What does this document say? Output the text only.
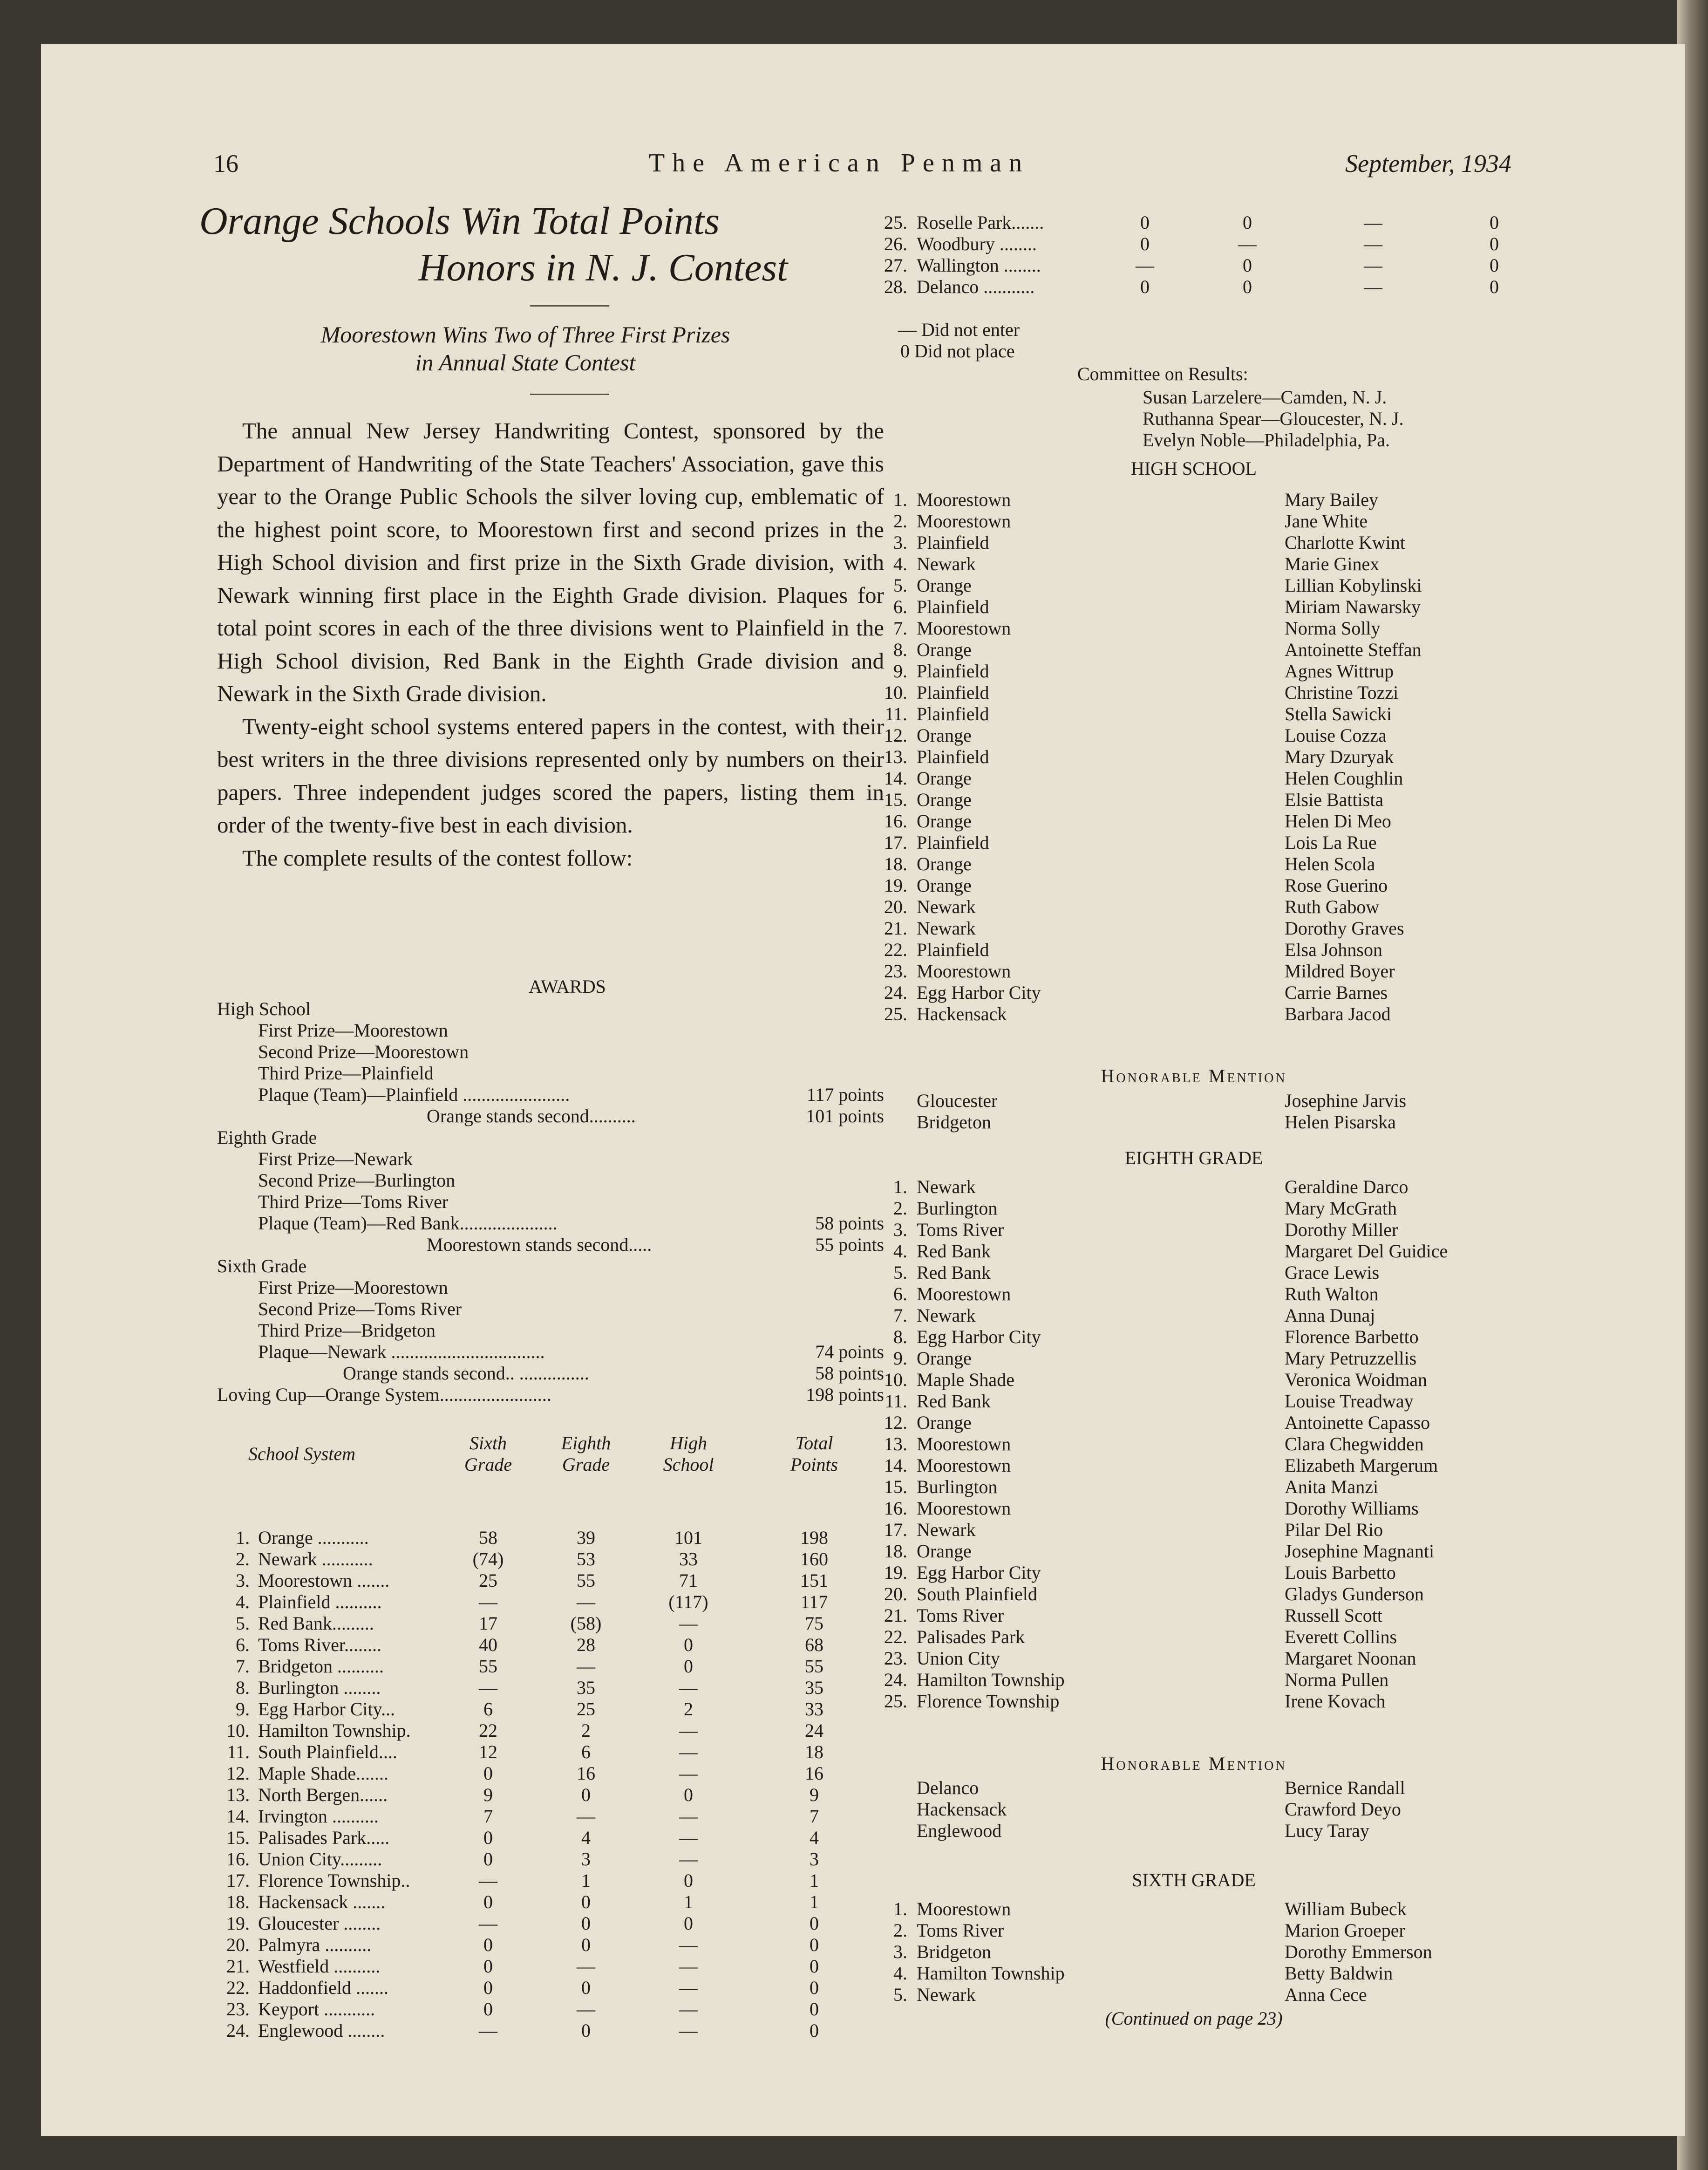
16	The American Penman	September, 1934
Orange Schools Win Total Points
Honors in N. J. Contest
Moorestown Wins Two of Three First Prizes
in Annual State Contest

The annual New Jersey Handwriting Contest, sponsored by the Department of Handwriting of the State Teachers' Association, gave this year to the Orange Public Schools the silver loving cup, emblematic of the highest point score, to Moorestown first and second prizes in the High School division and first prize in the Sixth Grade division, with Newark winning first place in the Eighth Grade division. Plaques for total point scores in each of the three divisions went to Plainfield in the High School division, Red Bank in the Eighth Grade division and Newark in the Sixth Grade division.

Twenty-eight school systems entered papers in the contest, with their best writers in the three divisions represented only by numbers on their papers. Three independent judges scored the papers, listing them in order of the twenty-five best in each division.

The complete results of the contest follow:

AWARDS
High School
First Prize—Moorestown
Second Prize—Moorestown
Third Prize—Plainfield
Plaque (Team)—Plainfield .......................	117 points
Orange stands second..........	101 points
Eighth Grade
First Prize—Newark
Second Prize—Burlington
Third Prize—Toms River
Plaque (Team)—Red Bank.....................	58 points
Moorestown stands second.....	55 points
Sixth Grade
First Prize—Moorestown
Second Prize—Toms River
Third Prize—Bridgeton
Plaque—Newark .................................	74 points
Orange stands second.. ...............	58 points
Loving Cup—Orange System........................	198 points
School System
Sixth
Grade
Eighth
Grade
High
School
Total
Points
1. Orange ...........	58	39	101	198
2. Newark ...........	(74)	53	33	160
3. Moorestown .......	25	55	71	151
4. Plainfield ..........	—	—	(117)	117
5. Red Bank.........	17	(58)	—	75
6. Toms River........	40	28	0	68
7. Bridgeton ..........	55	—	0	55
8. Burlington ........	—	35	—	35
9. Egg Harbor City...	6	25	2	33
10. Hamilton Township.	22	2	—	24
11. South Plainfield....	12	6	—	18
12. Maple Shade.......	0	16	—	16
13. North Bergen......	9	0	0	9
14. Irvington ..........	7	—	—	7
15. Palisades Park.....	0	4	—	4
16. Union City.........	0	3	—	3
17. Florence Township..	—	1	0	1
18. Hackensack .......	0	0	1	1
19. Gloucester ........	—	0	0	0
20. Palmyra ..........	0	0	—	0
21. Westfield ..........	0	—	—	0
22. Haddonfield .......	0	0	—	0
23. Keyport ...........	0	—	—	0
24. Englewood ........	—	0	—	0
25. Roselle Park.......	0	0	—	0
26. Woodbury ........	0	—	—	0
27. Wallington ........	—	0	—	0
28. Delanco ...........	0	0	—	0
— Did not enter
0 Did not place
Committee on Results:
Susan Larzelere—Camden, N. J.
Ruthanna Spear—Gloucester, N. J.
Evelyn Noble—Philadelphia, Pa.
HIGH SCHOOL
1. Moorestown	Mary Bailey
2. Moorestown	Jane White
3. Plainfield	Charlotte Kwint
4. Newark	Marie Ginex
5. Orange	Lillian Kobylinski
6. Plainfield	Miriam Nawarsky
7. Moorestown	Norma Solly
8. Orange	Antoinette Steffan
9. Plainfield	Agnes Wittrup
10. Plainfield	Christine Tozzi
11. Plainfield	Stella Sawicki
12. Orange	Louise Cozza
13. Plainfield	Mary Dzuryak
14. Orange	Helen Coughlin
15. Orange	Elsie Battista
16. Orange	Helen Di Meo
17. Plainfield	Lois La Rue
18. Orange	Helen Scola
19. Orange	Rose Guerino
20. Newark	Ruth Gabow
21. Newark	Dorothy Graves
22. Plainfield	Elsa Johnson
23. Moorestown	Mildred Boyer
24. Egg Harbor City	Carrie Barnes
25. Hackensack	Barbara Jacod
Honorable Mention
Gloucester	Josephine Jarvis
Bridgeton	Helen Pisarska
EIGHTH GRADE
1. Newark	Geraldine Darco
2. Burlington	Mary McGrath
3. Toms River	Dorothy Miller
4. Red Bank	Margaret Del Guidice
5. Red Bank	Grace Lewis
6. Moorestown	Ruth Walton
7. Newark	Anna Dunaj
8. Egg Harbor City	Florence Barbetto
9. Orange	Mary Petruzzellis
10. Maple Shade	Veronica Woidman
11. Red Bank	Louise Treadway
12. Orange	Antoinette Capasso
13. Moorestown	Clara Chegwidden
14. Moorestown	Elizabeth Margerum
15. Burlington	Anita Manzi
16. Moorestown	Dorothy Williams
17. Newark	Pilar Del Rio
18. Orange	Josephine Magnanti
19. Egg Harbor City	Louis Barbetto
20. South Plainfield	Gladys Gunderson
21. Toms River	Russell Scott
22. Palisades Park	Everett Collins
23. Union City	Margaret Noonan
24. Hamilton Township	Norma Pullen
25. Florence Township	Irene Kovach
Honorable Mention
Delanco	Bernice Randall
Hackensack	Crawford Deyo
Englewood	Lucy Taray
SIXTH GRADE
1. Moorestown	William Bubeck
2. Toms River	Marion Groeper
3. Bridgeton	Dorothy Emmerson
4. Hamilton Township	Betty Baldwin
5. Newark	Anna Cece
(Continued on page 23)
